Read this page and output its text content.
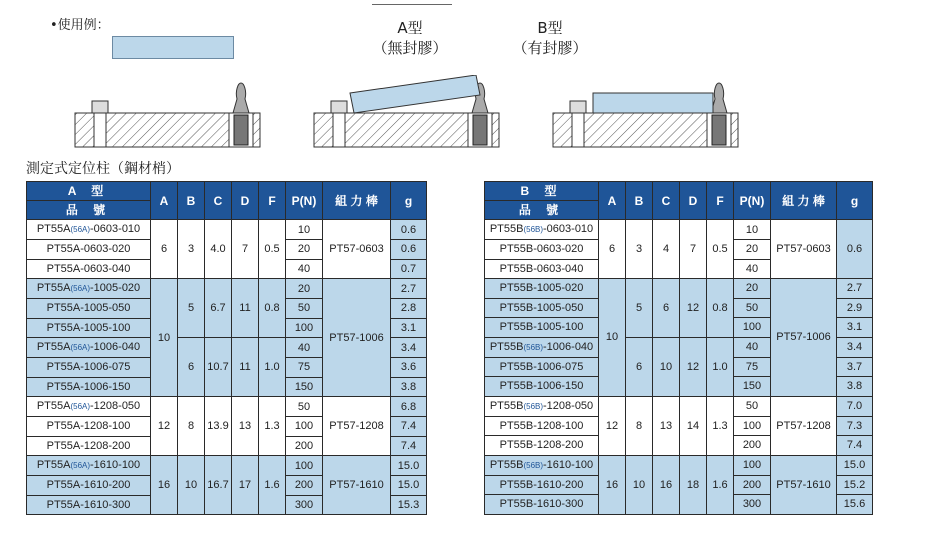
•使用例：	A型
（無封膠）
B型
（有封膠）
測定式定位柱（鋼材梢）
A 型	A	B	C	D	F	P(N)	組 力 棒	g
品 號								
PT55A(56A)-0603-010	6	3	4.0	7	0.5	10	PT57-0603	0.6
PT55A-0603-020						20		0.6
PT55A-0603-040						40		0.7
PT55A(56A)-1005-020	10	5	6.7	11	0.8	20	PT57-1006	2.7
PT55A-1005-050						50		2.8
PT55A-1005-100						100		3.1
PT55A(56A)-1006-040		6	10.7	11	1.0	40		3.4
PT55A-1006-075						75		3.6
PT55A-1006-150						150		3.8
PT55A(56A)-1208-050	12	8	13.9	13	1.3	50	PT57-1208	6.8
PT55A-1208-100						100		7.4
PT55A-1208-200						200		7.4
PT55A(56A)-1610-100	16	10	16.7	17	1.6	100	PT57-1610	15.0
PT55A-1610-200						200		15.0
PT55A-1610-300						300		15.3
B 型	A	B	C	D	F	P(N)	組 力 棒	g
品 號								
PT55B(56B)-0603-010	6	3	4	7	0.5	10	PT57-0603	0.6
PT55B-0603-020						20		
PT55B-0603-040						40		
PT55B-1005-020	10	5	6	12	0.8	20	PT57-1006	2.7
PT55B-1005-050						50		2.9
PT55B-1005-100						100		3.1
PT55B(56B)-1006-040		6	10	12	1.0	40		3.4
PT55B-1006-075						75		3.7
PT55B-1006-150						150		3.8
PT55B(56B)-1208-050	12	8	13	14	1.3	50	PT57-1208	7.0
PT55B-1208-100						100		7.3
PT55B-1208-200						200		7.4
PT55B(56B)-1610-100	16	10	16	18	1.6	100	PT57-1610	15.0
PT55B-1610-200						200		15.2
PT55B-1610-300						300		15.6
